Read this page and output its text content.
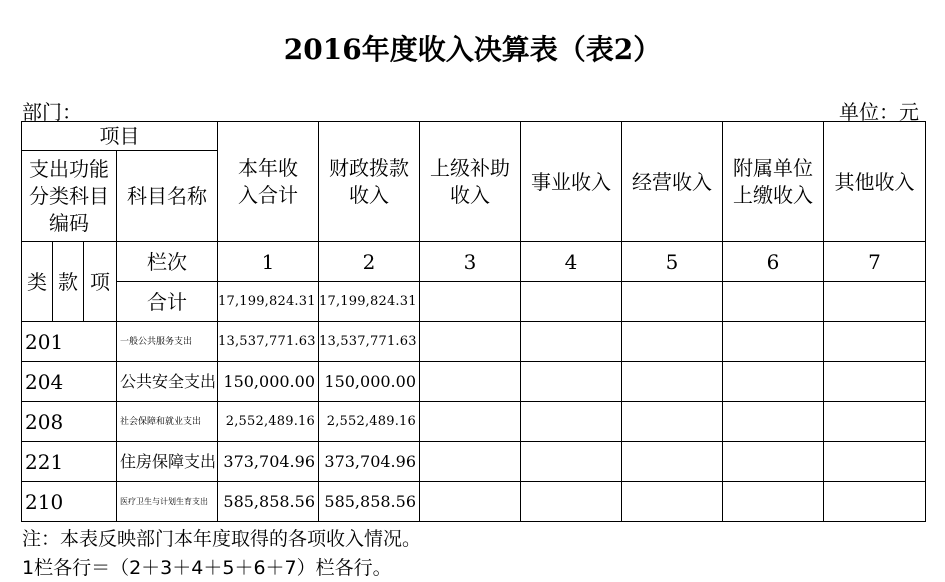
2016年度收入决算表（表2）
部门：	单位：元
项目				本年收入合计	财政拨款收入	上级补助收入	事业收入	经营收入	附属单位上缴收入	其他收入
支出功能分类科目编码			科目名称							
类	款	项	栏次	1	2	3	4	5	6	7
			合计	17,199,824.31	17,199,824.31					
201			一般公共服务支出	13,537,771.63	13,537,771.63					
204			公共安全支出	150,000.00	150,000.00					
208			社会保障和就业支出	2,552,489.16	2,552,489.16					
221			住房保障支出	373,704.96	373,704.96					
210			医疗卫生与计划生育支出	585,858.56	585,858.56					
注：本表反映部门本年度取得的各项收入情况。
1栏各行＝（2＋3＋4＋5＋6＋7）栏各行。
